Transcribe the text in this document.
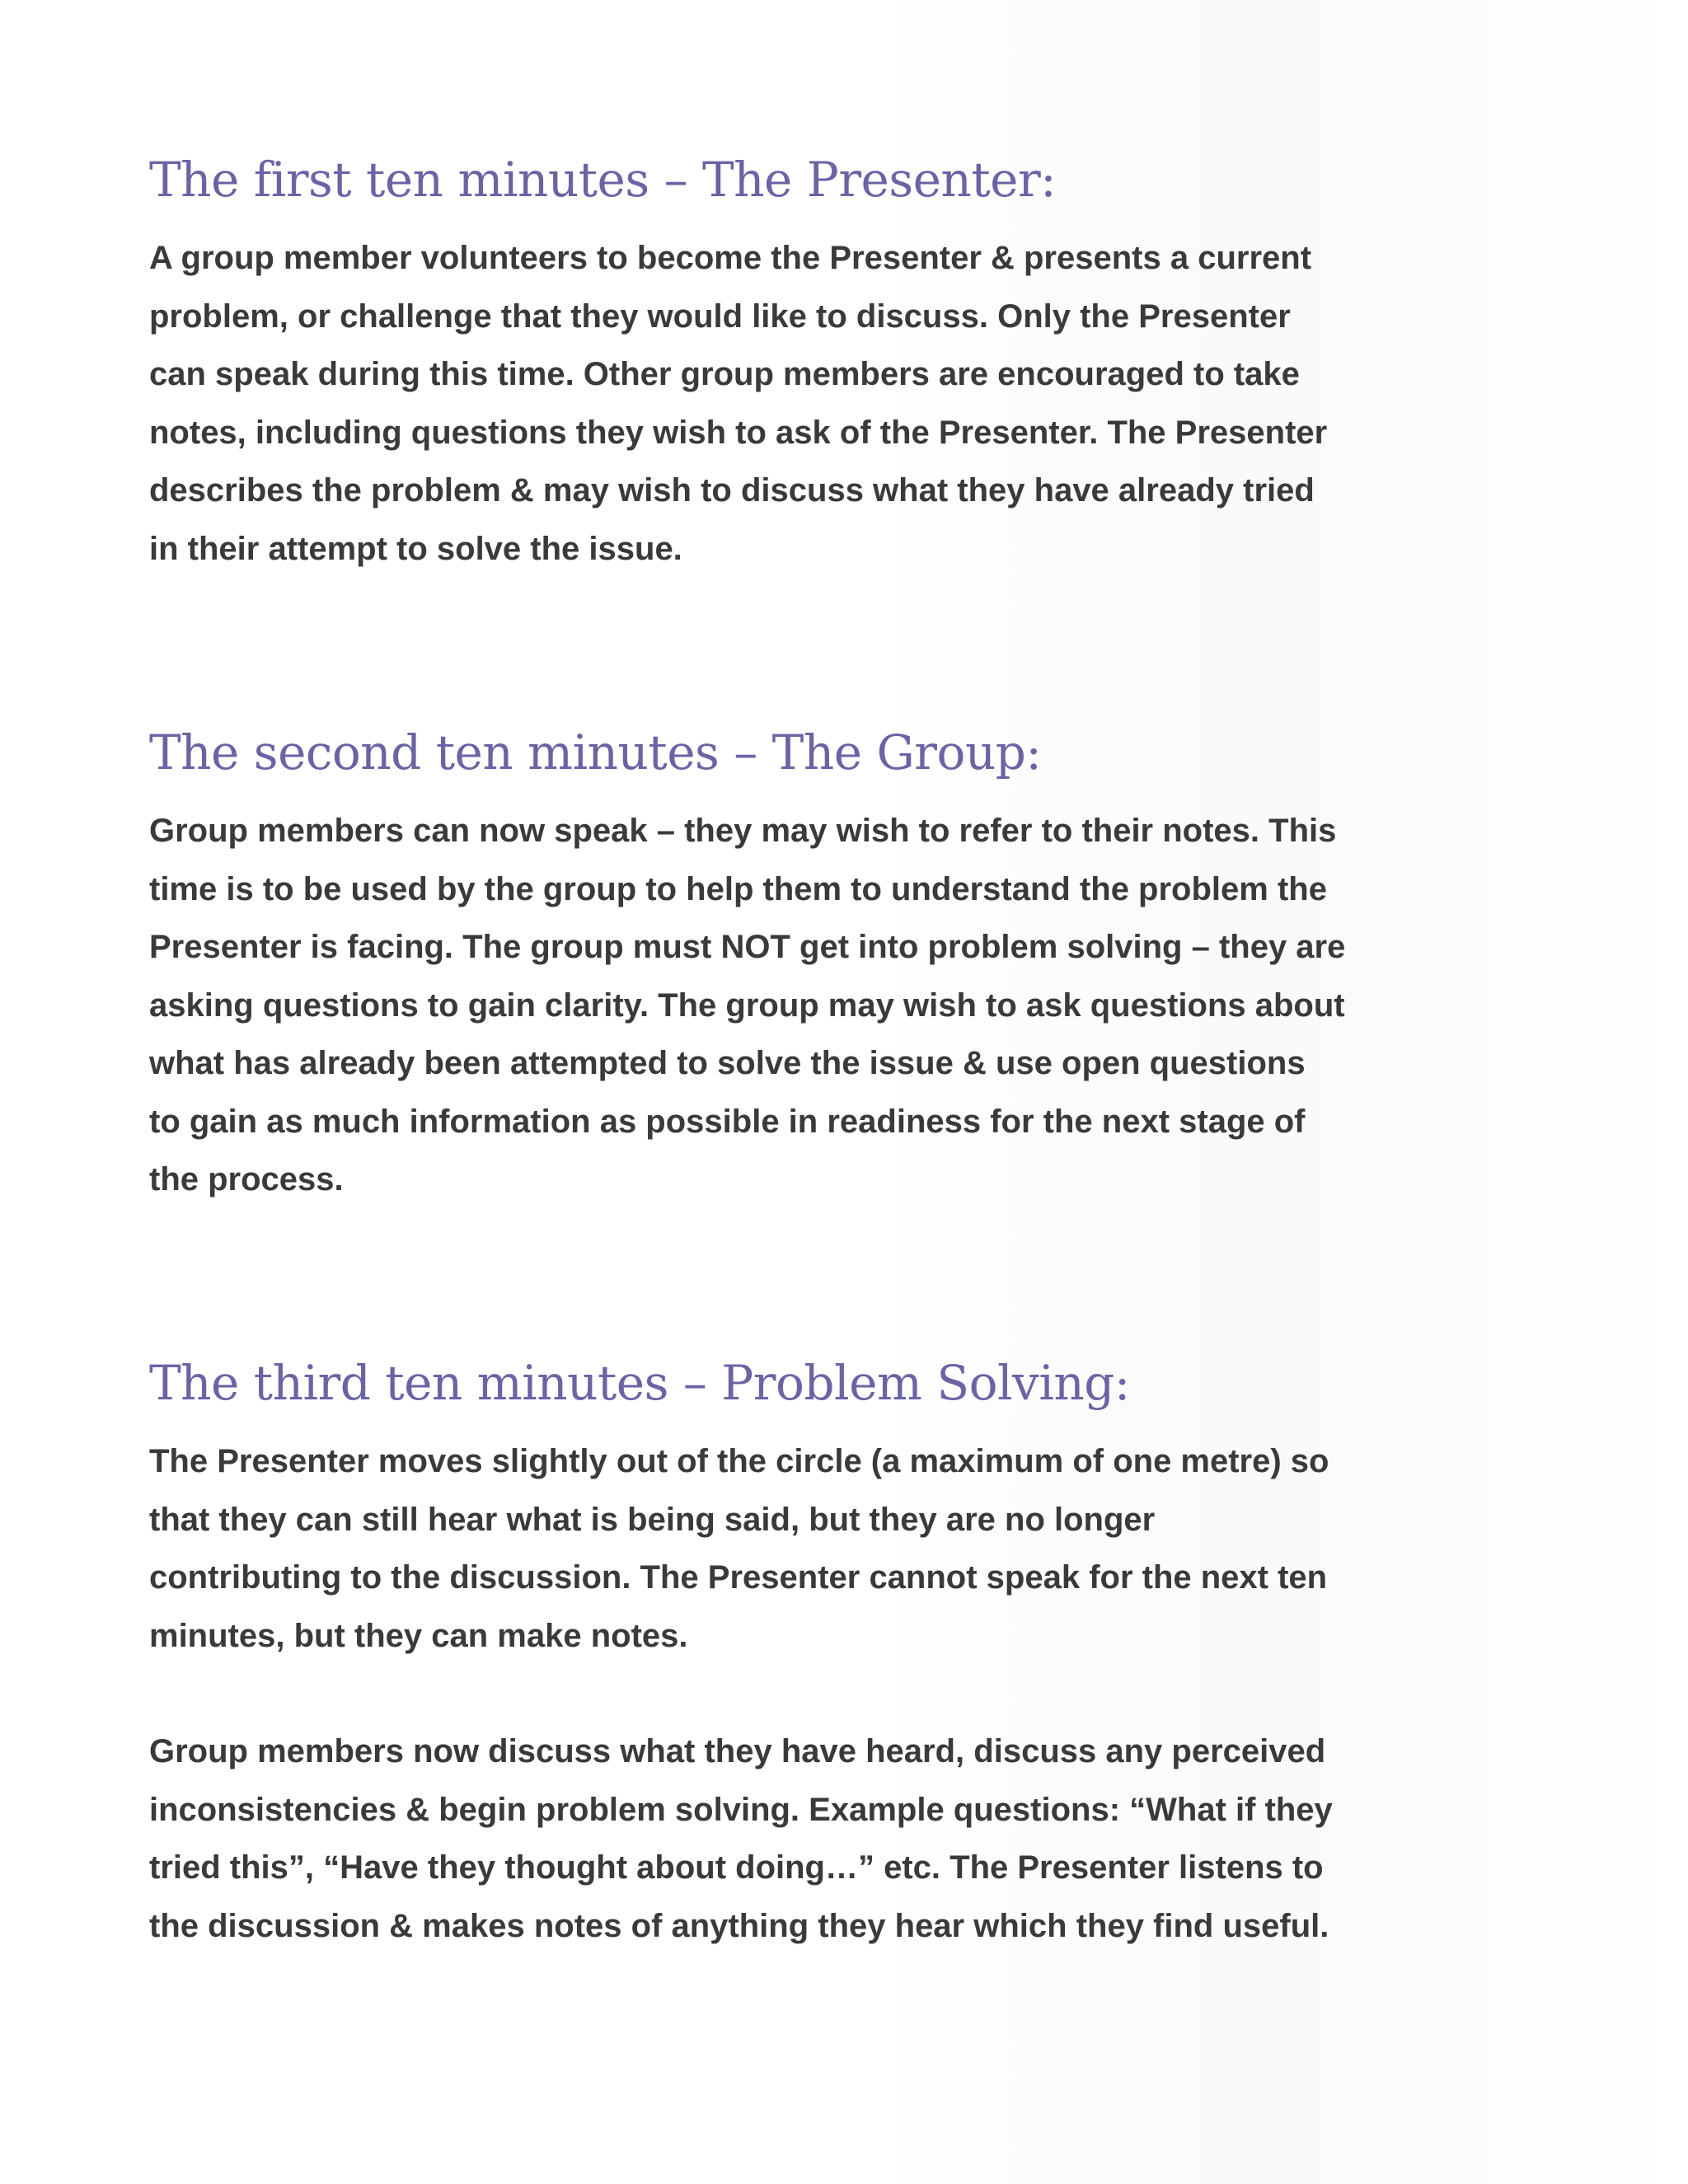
The first ten minutes – The Presenter:

A group member volunteers to become the Presenter & presents a current
problem, or challenge that they would like to discuss. Only the Presenter
can speak during this time. Other group members are encouraged to take
notes, including questions they wish to ask of the Presenter. The Presenter
describes the problem & may wish to discuss what they have already tried
in their attempt to solve the issue.

The second ten minutes – The Group:

Group members can now speak – they may wish to refer to their notes. This
time is to be used by the group to help them to understand the problem the
Presenter is facing. The group must NOT get into problem solving – they are
asking questions to gain clarity. The group may wish to ask questions about
what has already been attempted to solve the issue & use open questions
to gain as much information as possible in readiness for the next stage of
the process.

The third ten minutes – Problem Solving:

The Presenter moves slightly out of the circle (a maximum of one metre) so
that they can still hear what is being said, but they are no longer
contributing to the discussion. The Presenter cannot speak for the next ten
minutes, but they can make notes.

Group members now discuss what they have heard, discuss any perceived
inconsistencies & begin problem solving. Example questions: “What if they
tried this”, “Have they thought about doing…” etc. The Presenter listens to
the discussion & makes notes of anything they hear which they find useful.
